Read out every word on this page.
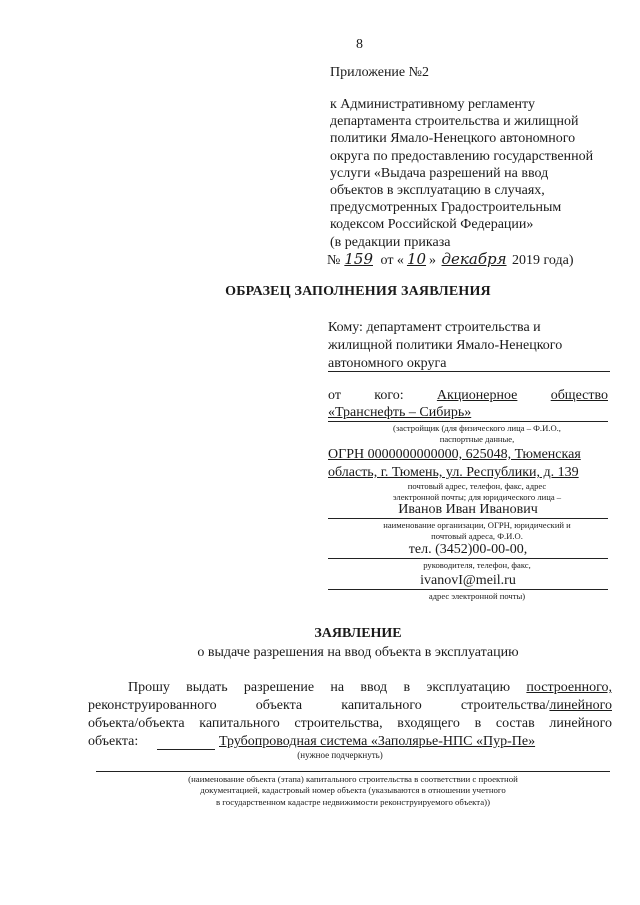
8
Приложение №2
к Административному регламенту
департамента строительства и жилищной
политики Ямало-Ненецкого автономного
округа по предоставлению государственной
услуги «Выдача разрешений на ввод
объектов в эксплуатацию в случаях,
предусмотренных Градостроительным
кодексом Российской Федерации»
(в редакции приказа
№ 159 от « 10 » декабря 2019 года)
ОБРАЗЕЦ ЗАПОЛНЕНИЯ ЗАЯВЛЕНИЯ
Кому: департамент строительства и
жилищной политики Ямало-Ненецкого
автономного округа
от кого: Акционерное общество
«Транснефть – Сибирь»
(застройщик (для физического лица – Ф.И.О.,
паспортные данные,
ОГРН 0000000000000, 625048, Тюменская
область, г. Тюмень, ул. Республики, д. 139
почтовый адрес, телефон, факс, адрес
электронной почты; для юридического лица –
Иванов Иван Иванович
наименование организации, ОГРН, юридический и
почтовый адреса, Ф.И.О.
тел. (3452)00-00-00,
руководителя, телефон, факс,
ivanovI@meil.ru
адрес электронной почты)
ЗАЯВЛЕНИЕ
о выдаче разрешения на ввод объекта в эксплуатацию
Прошу выдать разрешение на ввод в эксплуатацию построенного,
реконструированного	объекта	капитального	строительства/линейного
объекта/объекта капитального строительства, входящего в состав линейного
объекта:	Трубопроводная система «Заполярье-НПС «Пур-Пе»
(нужное подчеркнуть)
(наименование объекта (этапа) капитального строительства в соответствии с проектной
документацией, кадастровый номер объекта (указываются в отношении учетного
в государственном кадастре недвижимости реконструируемого объекта))
